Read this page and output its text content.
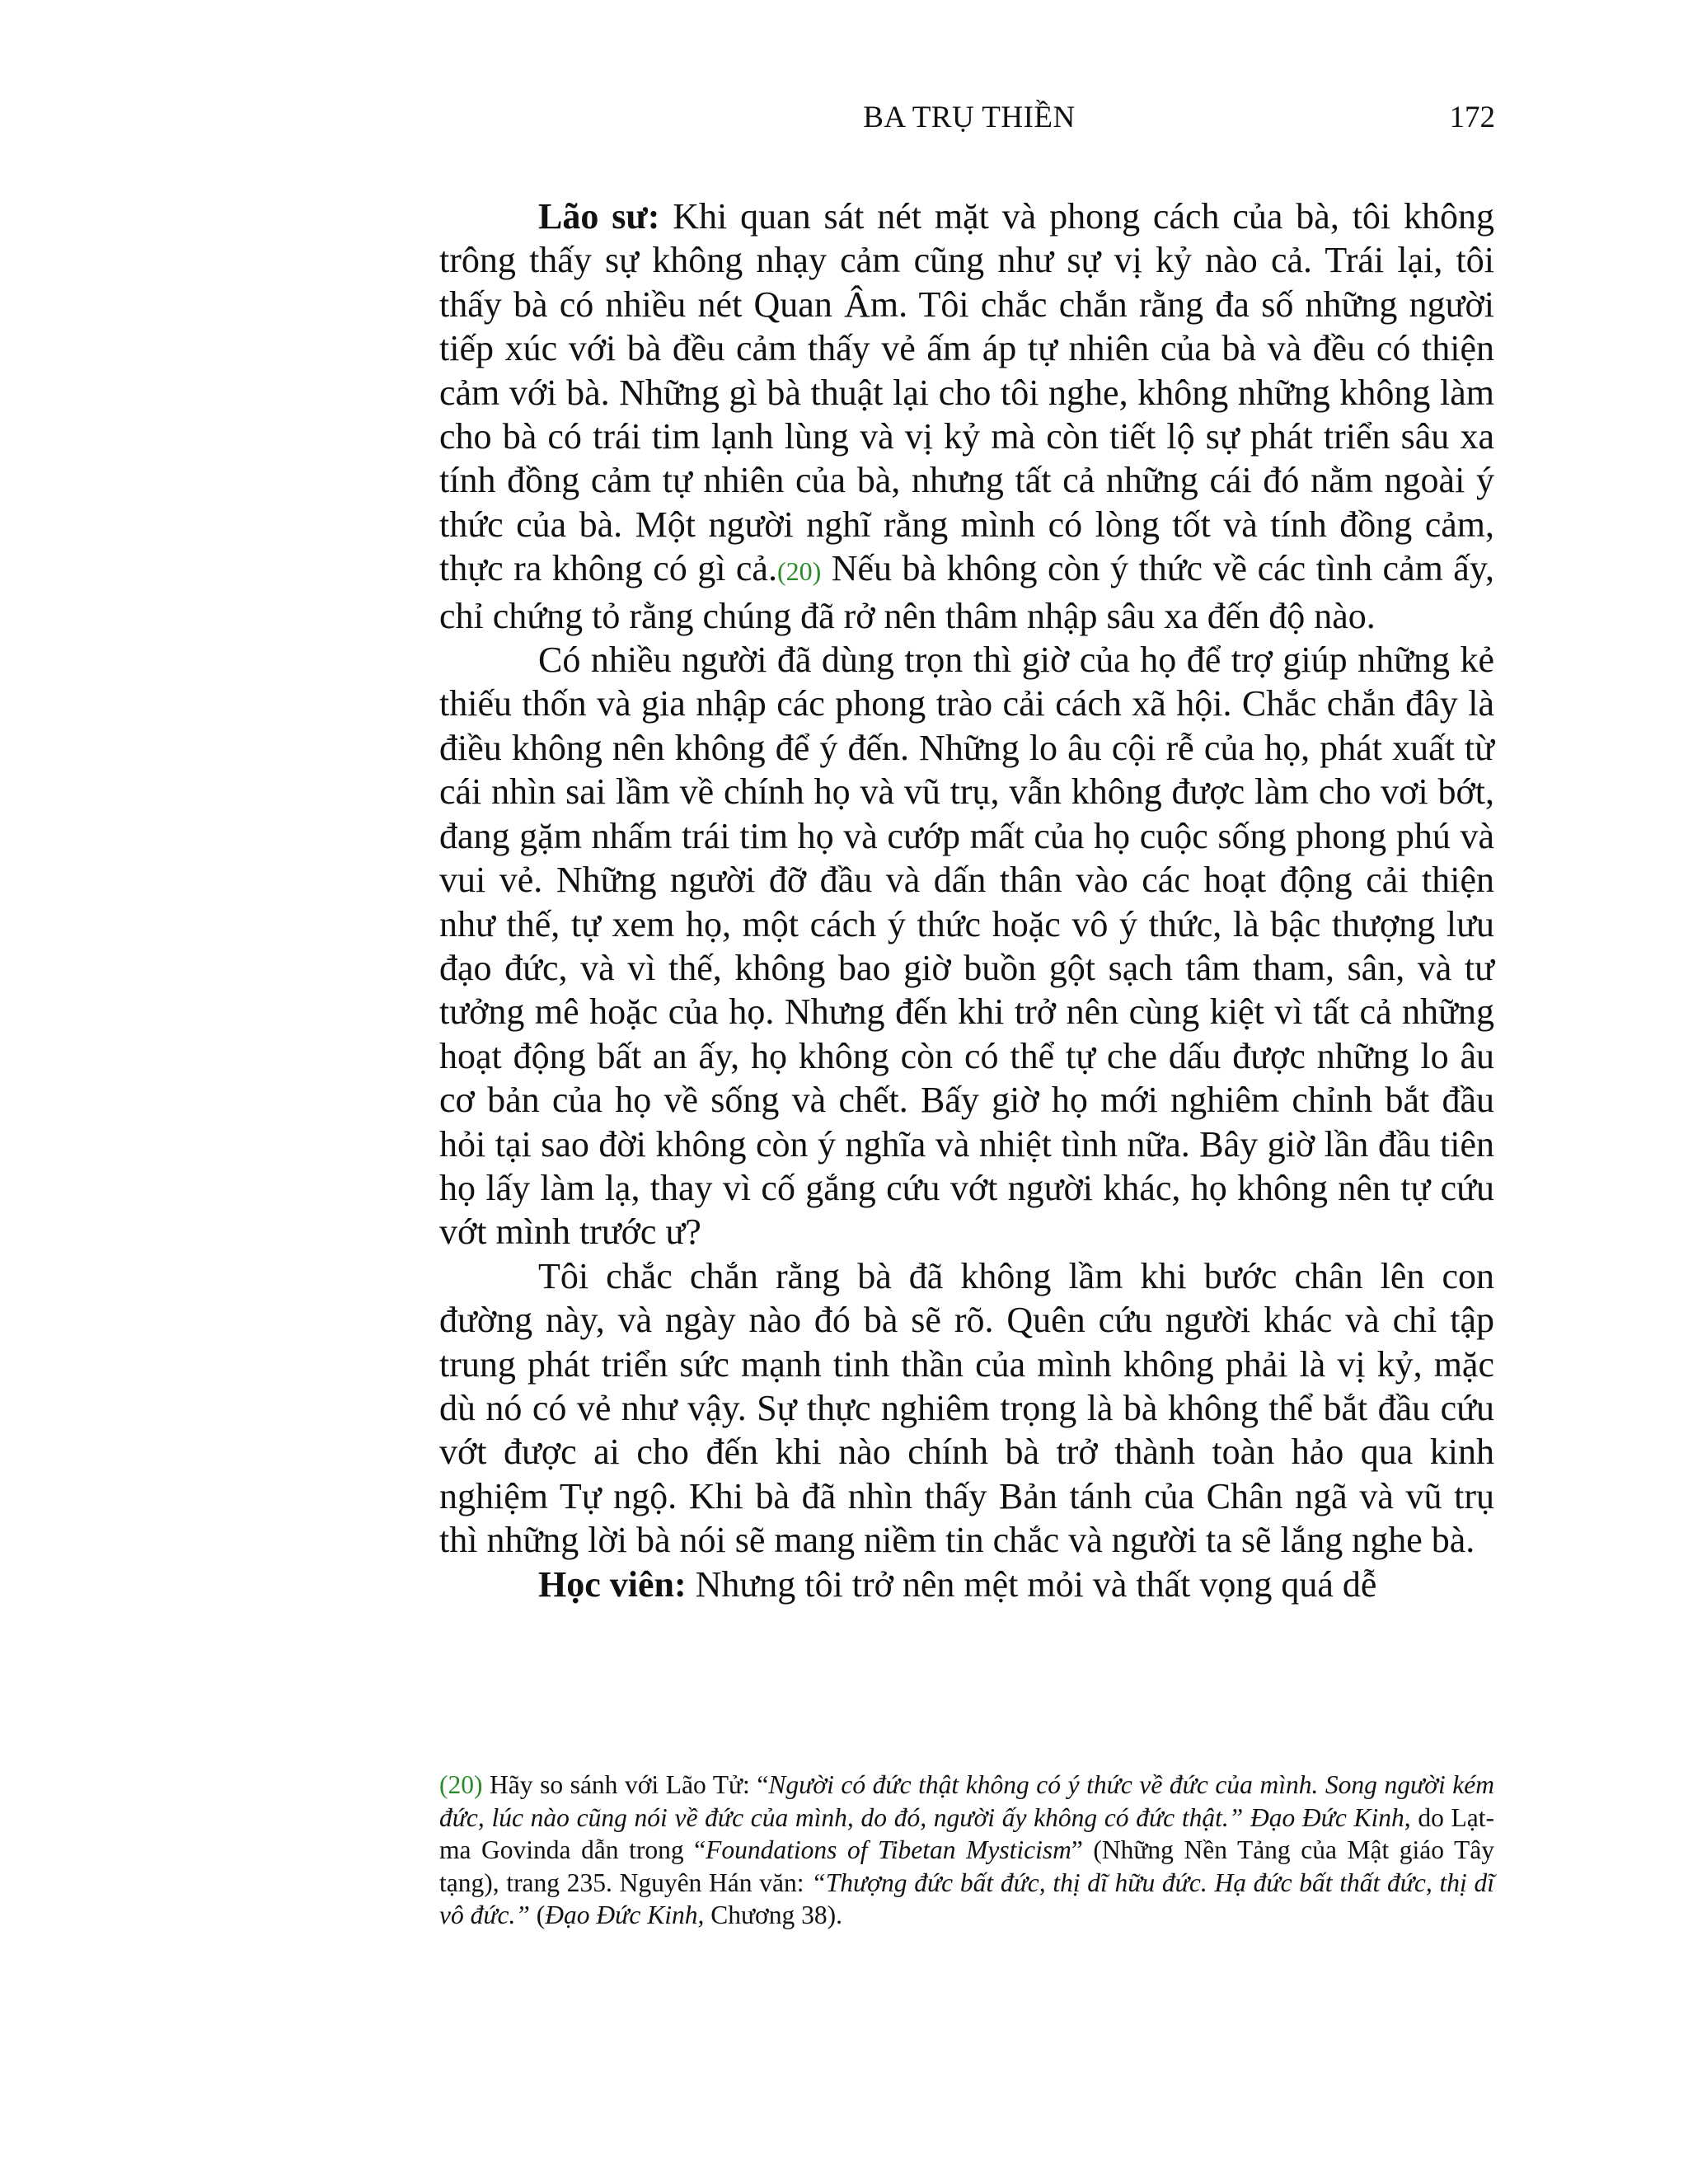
BA TRỤ THIỀN	172

Lão sư: Khi quan sát nét mặt và phong cách của bà, tôi không trông thấy sự không nhạy cảm cũng như sự vị kỷ nào cả. Trái lại, tôi thấy bà có nhiều nét Quan Âm. Tôi chắc chắn rằng đa số những người tiếp xúc với bà đều cảm thấy vẻ ấm áp tự nhiên của bà và đều có thiện cảm với bà. Những gì bà thuật lại cho tôi nghe, không những không làm cho bà có trái tim lạnh lùng và vị kỷ mà còn tiết lộ sự phát triển sâu xa tính đồng cảm tự nhiên của bà, nhưng tất cả những cái đó nằm ngoài ý thức của bà. Một người nghĩ rằng mình có lòng tốt và tính đồng cảm, thực ra không có gì cả.(20) Nếu bà không còn ý thức về các tình cảm ấy, chỉ chứng tỏ rằng chúng đã rở nên thâm nhập sâu xa đến độ nào.

Có nhiều người đã dùng trọn thì giờ của họ để trợ giúp những kẻ thiếu thốn và gia nhập các phong trào cải cách xã hội. Chắc chắn đây là điều không nên không để ý đến. Những lo âu cội rễ của họ, phát xuất từ cái nhìn sai lầm về chính họ và vũ trụ, vẫn không được làm cho vơi bớt, đang gặm nhấm trái tim họ và cướp mất của họ cuộc sống phong phú và vui vẻ. Những người đỡ đầu và dấn thân vào các hoạt động cải thiện như thế, tự xem họ, một cách ý thức hoặc vô ý thức, là bậc thượng lưu đạo đức, và vì thế, không bao giờ buồn gột sạch tâm tham, sân, và tư tưởng mê hoặc của họ. Nhưng đến khi trở nên cùng kiệt vì tất cả những hoạt động bất an ấy, họ không còn có thể tự che dấu được những lo âu cơ bản của họ về sống và chết. Bấy giờ họ mới nghiêm chỉnh bắt đầu hỏi tại sao đời không còn ý nghĩa và nhiệt tình nữa. Bây giờ lần đầu tiên họ lấy làm lạ, thay vì cố gắng cứu vớt người khác, họ không nên tự cứu vớt mình trước ư?

Tôi chắc chắn rằng bà đã không lầm khi bước chân lên con đường này, và ngày nào đó bà sẽ rõ. Quên cứu người khác và chỉ tập trung phát triển sức mạnh tinh thần của mình không phải là vị kỷ, mặc dù nó có vẻ như vậy. Sự thực nghiêm trọng là bà không thể bắt đầu cứu vớt được ai cho đến khi nào chính bà trở thành toàn hảo qua kinh nghiệm Tự ngộ. Khi bà đã nhìn thấy Bản tánh của Chân ngã và vũ trụ thì những lời bà nói sẽ mang niềm tin chắc và người ta sẽ lắng nghe bà.

Học viên: Nhưng tôi trở nên mệt mỏi và thất vọng quá dễ

(20) Hãy so sánh với Lão Tử: “Người có đức thật không có ý thức về đức của mình. Song người kém đức, lúc nào cũng nói về đức của mình, do đó, người ấy không có đức thật.” Đạo Đức Kinh, do Lạt-ma Govinda dẫn trong “Foundations of Tibetan Mysticism” (Những Nền Tảng của Mật giáo Tây tạng), trang 235. Nguyên Hán văn: “Thượng đức bất đức, thị dĩ hữu đức. Hạ đức bất thất đức, thị dĩ vô đức.” (Đạo Đức Kinh, Chương 38).
